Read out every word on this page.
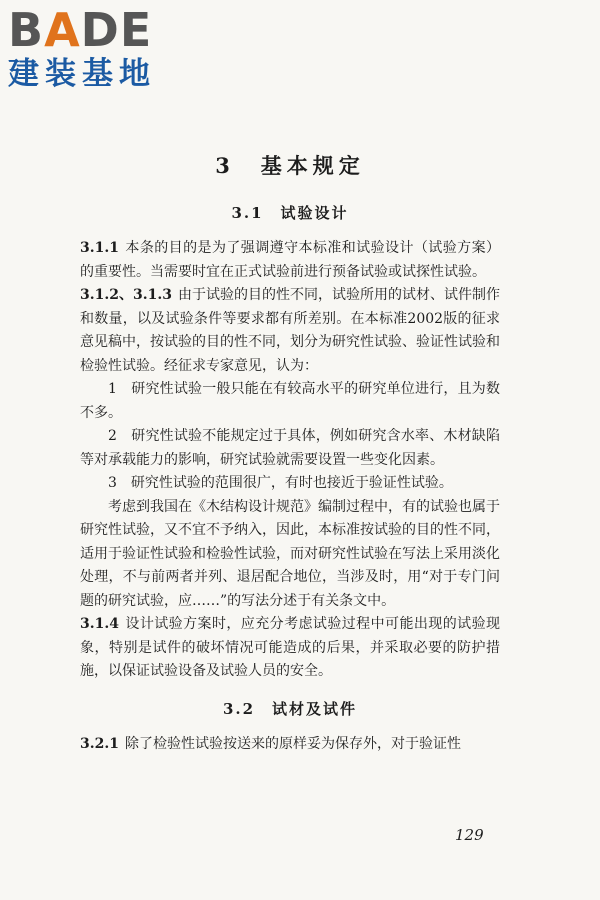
BADE
建装基地
3　基本规定
3.1　试验设计

3.1.1 本条的目的是为了强调遵守本标准和试验设计（试验方案）的重要性。当需要时宜在正式试验前进行预备试验或试探性试验。

3.1.2、3.1.3 由于试验的目的性不同，试验所用的试材、试件制作和数量，以及试验条件等要求都有所差别。在本标准2002版的征求意见稿中，按试验的目的性不同，划分为研究性试验、验证性试验和检验性试验。经征求专家意见，认为：

1　研究性试验一般只能在有较高水平的研究单位进行，且为数不多。

2　研究性试验不能规定过于具体，例如研究含水率、木材缺陷等对承载能力的影响，研究试验就需要设置一些变化因素。

3　研究性试验的范围很广，有时也接近于验证性试验。

考虑到我国在《木结构设计规范》编制过程中，有的试验也属于研究性试验，又不宜不予纳入，因此，本标准按试验的目的性不同，适用于验证性试验和检验性试验，而对研究性试验在写法上采用淡化处理，不与前两者并列、退居配合地位，当涉及时，用“对于专门问题的研究试验，应……”的写法分述于有关条文中。

3.1.4 设计试验方案时，应充分考虑试验过程中可能出现的试验现象，特别是试件的破坏情况可能造成的后果，并采取必要的防护措施，以保证试验设备及试验人员的安全。

3.2　试材及试件

3.2.1 除了检验性试验按送来的原样妥为保存外，对于验证性

129
